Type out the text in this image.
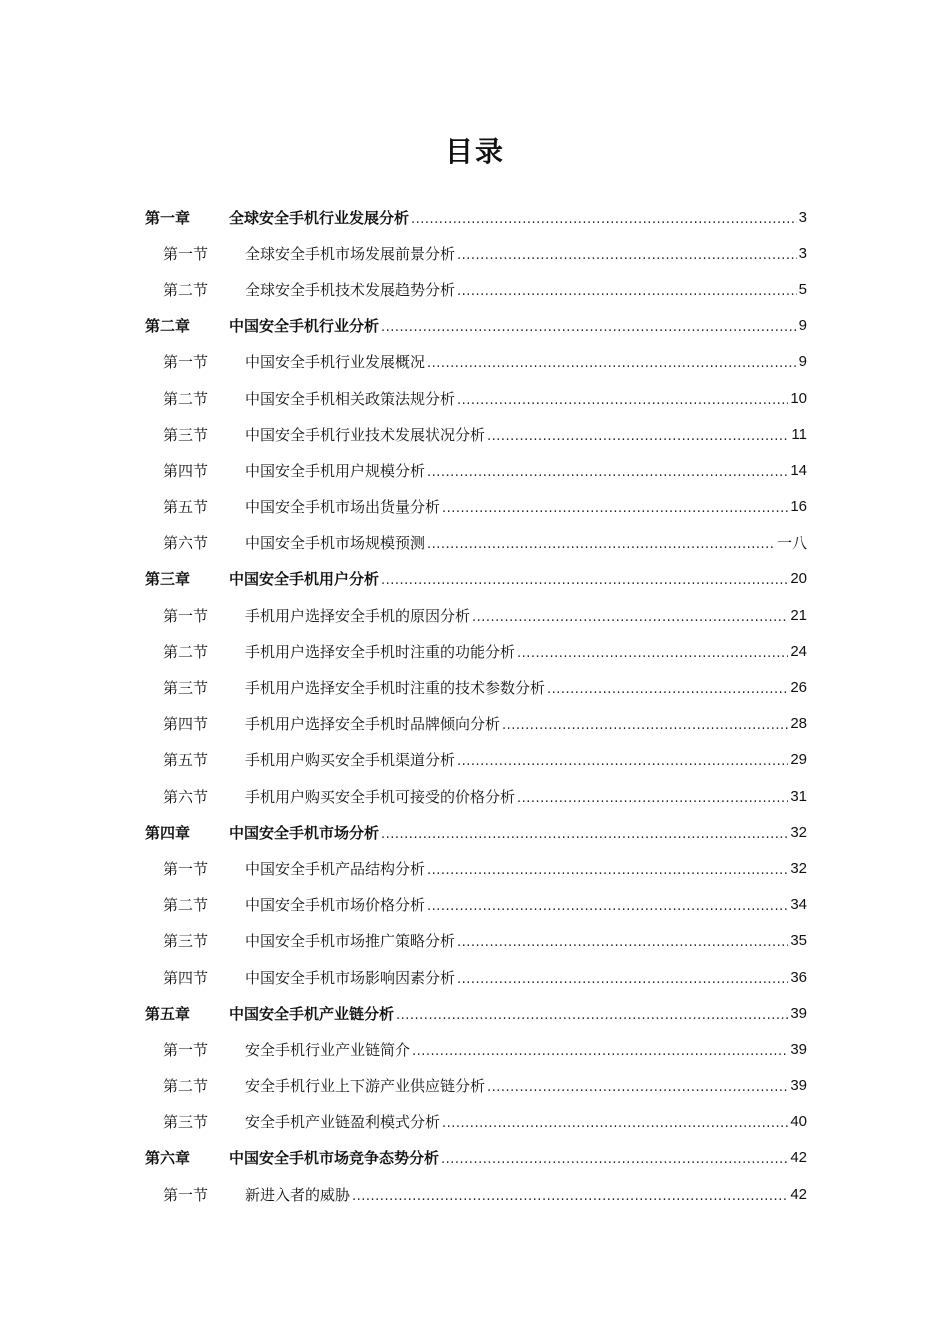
目录
第一章	全球安全手机行业发展分析 .....	3
第一节	全球安全手机市场发展前景分析 .....	3
第二节	全球安全手机技术发展趋势分析 .....	5
第二章	中国安全手机行业分析 .....	9
第一节	中国安全手机行业发展概况 .....	9
第二节	中国安全手机相关政策法规分析 .....	10
第三节	中国安全手机行业技术发展状况分析 .....	11
第四节	中国安全手机用户规模分析 .....	14
第五节	中国安全手机市场出货量分析 .....	16
第六节	中国安全手机市场规模预测 .....	一八
第三章	中国安全手机用户分析 .....	20
第一节	手机用户选择安全手机的原因分析 .....	21
第二节	手机用户选择安全手机时注重的功能分析 .....	24
第三节	手机用户选择安全手机时注重的技术参数分析 .....	26
第四节	手机用户选择安全手机时品牌倾向分析 .....	28
第五节	手机用户购买安全手机渠道分析 .....	29
第六节	手机用户购买安全手机可接受的价格分析 .....	31
第四章	中国安全手机市场分析 .....	32
第一节	中国安全手机产品结构分析 .....	32
第二节	中国安全手机市场价格分析 .....	34
第三节	中国安全手机市场推广策略分析 .....	35
第四节	中国安全手机市场影响因素分析 .....	36
第五章	中国安全手机产业链分析 .....	39
第一节	安全手机行业产业链简介 .....	39
第二节	安全手机行业上下游产业供应链分析 .....	39
第三节	安全手机产业链盈利模式分析 .....	40
第六章	中国安全手机市场竞争态势分析 .....	42
第一节	新进入者的威胁 .....	42
